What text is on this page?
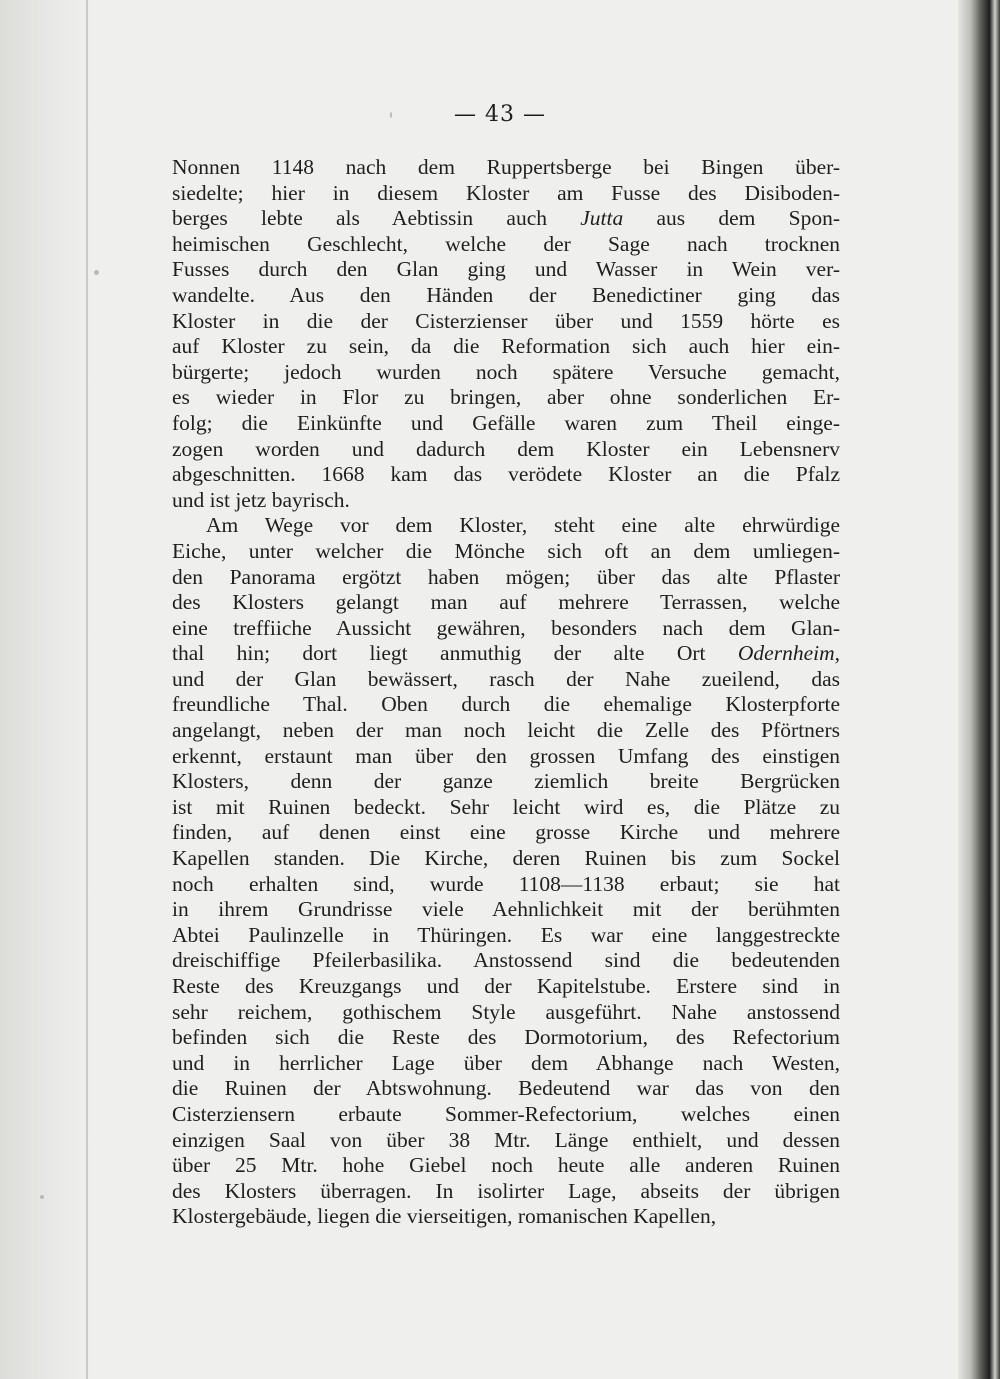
— 43 —
Nonnen 1148 nach dem Ruppertsberge bei Bingen über-
siedelte; hier in diesem Kloster am Fusse des Disiboden-
berges lebte als Aebtissin auch Jutta aus dem Spon-
heimischen Geschlecht, welche der Sage nach trocknen
Fusses durch den Glan ging und Wasser in Wein ver-
wandelte. Aus den Händen der Benedictiner ging das
Kloster in die der Cisterzienser über und 1559 hörte es
auf Kloster zu sein, da die Reformation sich auch hier ein-
bürgerte; jedoch wurden noch spätere Versuche gemacht,
es wieder in Flor zu bringen, aber ohne sonderlichen Er-
folg; die Einkünfte und Gefälle waren zum Theil einge-
zogen worden und dadurch dem Kloster ein Lebensnerv
abgeschnitten. 1668 kam das verödete Kloster an die Pfalz
und ist jetz bayrisch.
Am Wege vor dem Kloster, steht eine alte ehrwürdige
Eiche, unter welcher die Mönche sich oft an dem umliegen-
den Panorama ergötzt haben mögen; über das alte Pflaster
des Klosters gelangt man auf mehrere Terrassen, welche
eine treffiiche Aussicht gewähren, besonders nach dem Glan-
thal hin; dort liegt anmuthig der alte Ort Odernheim,
und der Glan bewässert, rasch der Nahe zueilend, das
freundliche Thal. Oben durch die ehemalige Klosterpforte
angelangt, neben der man noch leicht die Zelle des Pförtners
erkennt, erstaunt man über den grossen Umfang des einstigen
Klosters, denn der ganze ziemlich breite Bergrücken
ist mit Ruinen bedeckt. Sehr leicht wird es, die Plätze zu
finden, auf denen einst eine grosse Kirche und mehrere
Kapellen standen. Die Kirche, deren Ruinen bis zum Sockel
noch erhalten sind, wurde 1108—1138 erbaut; sie hat
in ihrem Grundrisse viele Aehnlichkeit mit der berühmten
Abtei Paulinzelle in Thüringen. Es war eine langgestreckte
dreischiffige Pfeilerbasilika. Anstossend sind die bedeutenden
Reste des Kreuzgangs und der Kapitelstube. Erstere sind in
sehr reichem, gothischem Style ausgeführt. Nahe anstossend
befinden sich die Reste des Dormotorium, des Refectorium
und in herrlicher Lage über dem Abhange nach Westen,
die Ruinen der Abtswohnung. Bedeutend war das von den
Cisterziensern erbaute Sommer-Refectorium, welches einen
einzigen Saal von über 38 Mtr. Länge enthielt, und dessen
über 25 Mtr. hohe Giebel noch heute alle anderen Ruinen
des Klosters überragen. In isolirter Lage, abseits der übrigen
Klostergebäude, liegen die vierseitigen, romanischen Kapellen,
